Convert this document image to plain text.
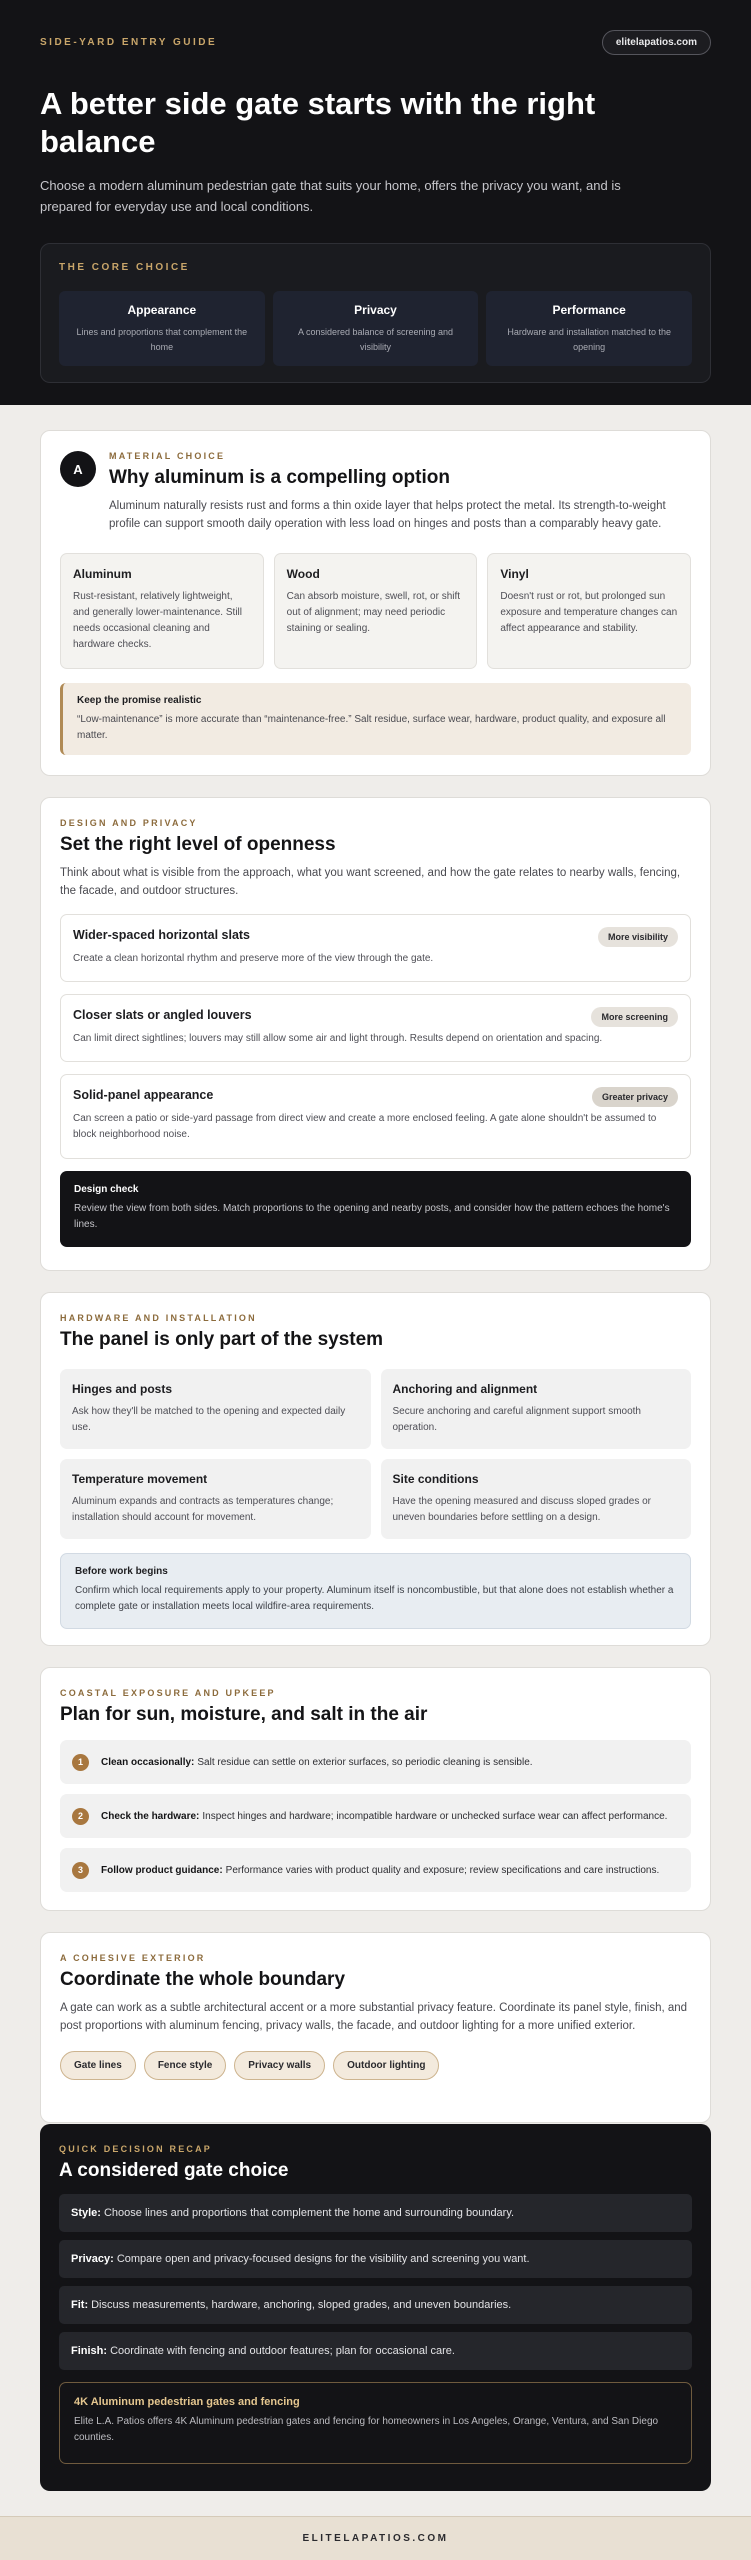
SIDE-YARD ENTRY GUIDE	elitelapatios.com
A better side gate starts with the right balance

Choose a modern aluminum pedestrian gate that suits your home, offers the privacy you want, and is prepared for everyday use and local conditions.

THE CORE CHOICE
Appearance

Lines and proportions that complement the home

Privacy

A considered balance of screening and visibility

Performance

Hardware and installation matched to the opening

A
MATERIAL CHOICE
Why aluminum is a compelling option

Aluminum naturally resists rust and forms a thin oxide layer that helps protect the metal. Its strength-to-weight profile can support smooth daily operation with less load on hinges and posts than a comparably heavy gate.

Aluminum

Rust-resistant, relatively lightweight, and generally lower-maintenance. Still needs occasional cleaning and hardware checks.

Wood

Can absorb moisture, swell, rot, or shift out of alignment; may need periodic staining or sealing.

Vinyl

Doesn't rust or rot, but prolonged sun exposure and temperature changes can affect appearance and stability.

Keep the promise realistic

“Low-maintenance” is more accurate than “maintenance-free.” Salt residue, surface wear, hardware, product quality, and exposure all matter.

DESIGN AND PRIVACY
Set the right level of openness

Think about what is visible from the approach, what you want screened, and how the gate relates to nearby walls, fencing, the facade, and outdoor structures.

Wider-spaced horizontal slats

Create a clean horizontal rhythm and preserve more of the view through the gate.

More visibility
Closer slats or angled louvers

Can limit direct sightlines; louvers may still allow some air and light through. Results depend on orientation and spacing.

More screening
Solid-panel appearance

Can screen a patio or side-yard passage from direct view and create a more enclosed feeling. A gate alone shouldn't be assumed to block neighborhood noise.

Greater privacy
Design check

Review the view from both sides. Match proportions to the opening and nearby posts, and consider how the pattern echoes the home's lines.

HARDWARE AND INSTALLATION
The panel is only part of the system
Hinges and posts

Ask how they'll be matched to the opening and expected daily use.

Anchoring and alignment

Secure anchoring and careful alignment support smooth operation.

Temperature movement

Aluminum expands and contracts as temperatures change; installation should account for movement.

Site conditions

Have the opening measured and discuss sloped grades or uneven boundaries before settling on a design.

Before work begins

Confirm which local requirements apply to your property. Aluminum itself is noncombustible, but that alone does not establish whether a complete gate or installation meets local wildfire-area requirements.

COASTAL EXPOSURE AND UPKEEP
Plan for sun, moisture, and salt in the air
1	Clean occasionally: Salt residue can settle on exterior surfaces, so periodic cleaning is sensible.
2	Check the hardware: Inspect hinges and hardware; incompatible hardware or unchecked surface wear can affect performance.
3	Follow product guidance: Performance varies with product quality and exposure; review specifications and care instructions.
A COHESIVE EXTERIOR
Coordinate the whole boundary

A gate can work as a subtle architectural accent or a more substantial privacy feature. Coordinate its panel style, finish, and post proportions with aluminum fencing, privacy walls, the facade, and outdoor lighting for a more unified exterior.

Gate lines	Fence style	Privacy walls	Outdoor lighting
QUICK DECISION RECAP
A considered gate choice
Style: Choose lines and proportions that complement the home and surrounding boundary.
Privacy: Compare open and privacy-focused designs for the visibility and screening you want.
Fit: Discuss measurements, hardware, anchoring, sloped grades, and uneven boundaries.
Finish: Coordinate with fencing and outdoor features; plan for occasional care.
4K Aluminum pedestrian gates and fencing

Elite L.A. Patios offers 4K Aluminum pedestrian gates and fencing for homeowners in Los Angeles, Orange, Ventura, and San Diego counties.

ELITELAPATIOS.COM
